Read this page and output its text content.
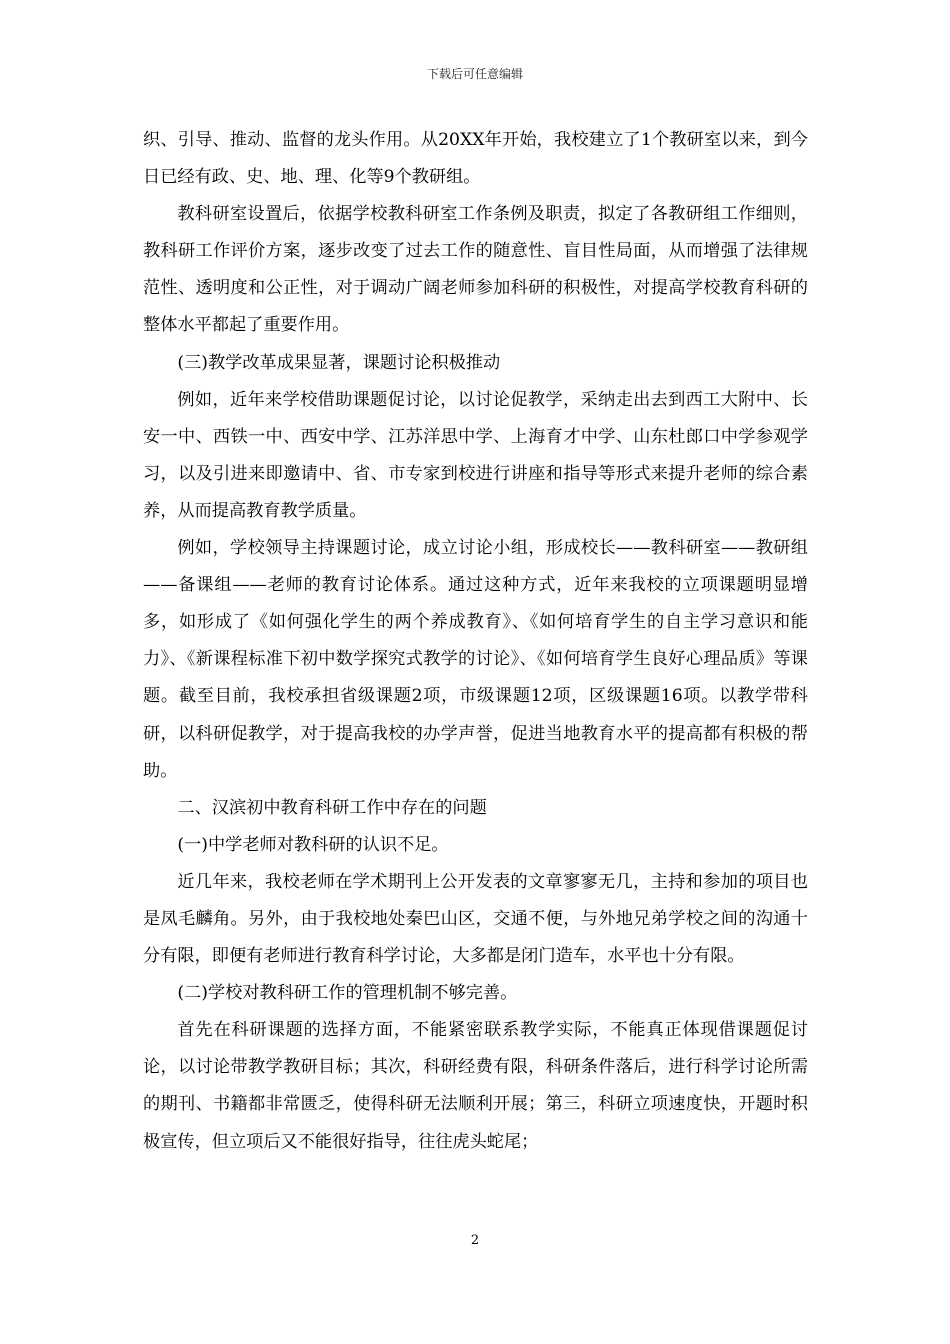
下载后可任意编辑

织、引导、推动、监督的龙头作用。从20XX年开始，我校建立了1个教研室以来，到今日已经有政、史、地、理、化等9个教研组。

教科研室设置后，依据学校教科研室工作条例及职责，拟定了各教研组工作细则，教科研工作评价方案，逐步改变了过去工作的随意性、盲目性局面，从而增强了法律规范性、透明度和公正性，对于调动广阔老师参加科研的积极性，对提高学校教育科研的整体水平都起了重要作用。

(三)教学改革成果显著，课题讨论积极推动

例如，近年来学校借助课题促讨论，以讨论促教学，采纳走出去到西工大附中、长安一中、西铁一中、西安中学、江苏洋思中学、上海育才中学、山东杜郎口中学参观学习，以及引进来即邀请中、省、市专家到校进行讲座和指导等形式来提升老师的综合素养，从而提高教育教学质量。

例如，学校领导主持课题讨论，成立讨论小组，形成校长——教科研室——教研组——备课组——老师的教育讨论体系。通过这种方式，近年来我校的立项课题明显增多，如形成了《如何强化学生的两个养成教育》、《如何培育学生的自主学习意识和能力》、《新课程标准下初中数学探究式教学的讨论》、《如何培育学生良好心理品质》等课题。截至目前，我校承担省级课题2项，市级课题12项，区级课题16项。以教学带科研，以科研促教学，对于提高我校的办学声誉，促进当地教育水平的提高都有积极的帮助。

二、汉滨初中教育科研工作中存在的问题

(一)中学老师对教科研的认识不足。

近几年来，我校老师在学术期刊上公开发表的文章寥寥无几，主持和参加的项目也是凤毛麟角。另外，由于我校地处秦巴山区，交通不便，与外地兄弟学校之间的沟通十分有限，即便有老师进行教育科学讨论，大多都是闭门造车，水平也十分有限。

(二)学校对教科研工作的管理机制不够完善。

首先在科研课题的选择方面，不能紧密联系教学实际，不能真正体现借课题促讨论，以讨论带教学教研目标；其次，科研经费有限，科研条件落后，进行科学讨论所需的期刊、书籍都非常匮乏，使得科研无法顺利开展；第三，科研立项速度快，开题时积极宣传，但立项后又不能很好指导，往往虎头蛇尾；

2
